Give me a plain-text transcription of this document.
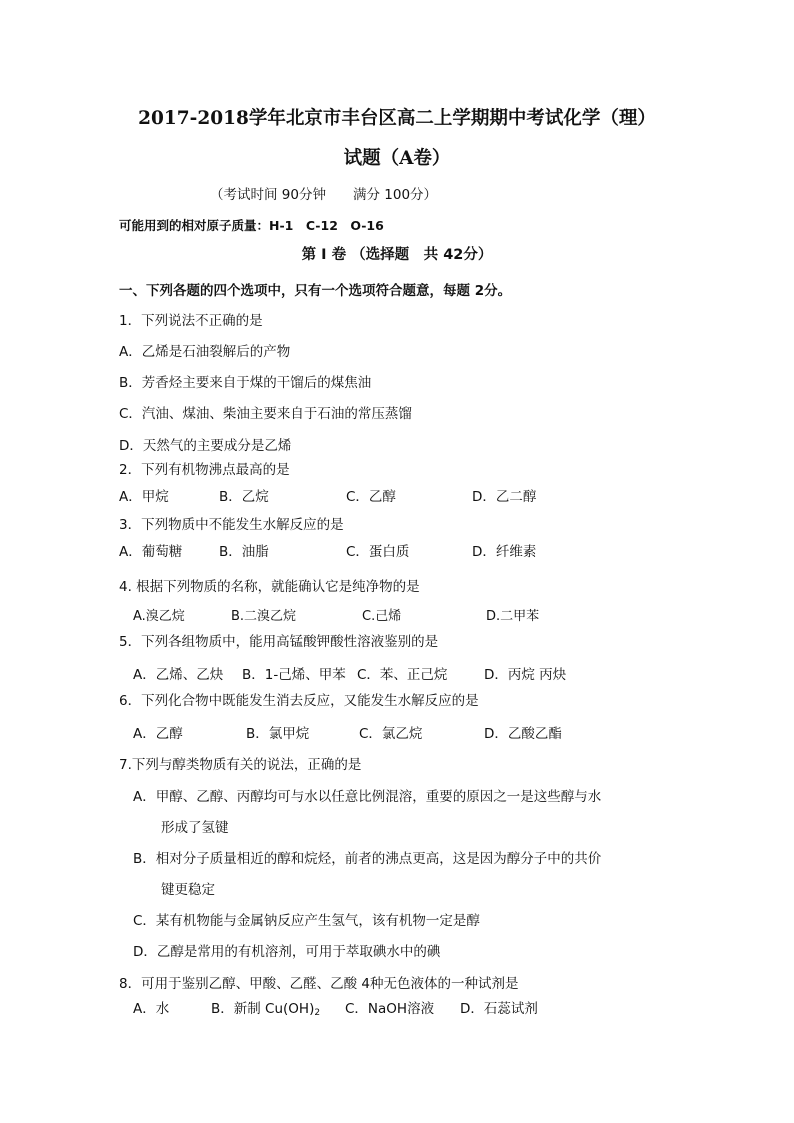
2017-2018学年北京市丰台区高二上学期期中考试化学（理）
试题（A卷）
（考试时间 90分钟　　满分 100分）
可能用到的相对原子质量：H-1　C-12　O-16
第 I 卷 （选择题　共 42分）
一、下列各题的四个选项中，只有一个选项符合题意，每题 2分。
1．下列说法不正确的是
A．乙烯是石油裂解后的产物
B．芳香烃主要来自于煤的干馏后的煤焦油
C．汽油、煤油、柴油主要来自于石油的常压蒸馏
D．天然气的主要成分是乙烯
2．下列有机物沸点最高的是
A．甲烷	B．乙烷	C．乙醇	D．乙二醇
3．下列物质中不能发生水解反应的是
A．葡萄糖	B．油脂	C．蛋白质	D．纤维素
4. 根据下列物质的名称，就能确认它是纯净物的是
A.溴乙烷	B.二溴乙烷	C.己烯	D.二甲苯
5．下列各组物质中，能用高锰酸钾酸性溶液鉴别的是
A．乙烯、乙炔 B．1-己烯、甲苯 C．苯、正己烷	D．丙烷 丙炔
6．下列化合物中既能发生消去反应，又能发生水解反应的是
A．乙醇	B．氯甲烷	C．氯乙烷	D．乙酸乙酯
7.下列与醇类物质有关的说法，正确的是
A．甲醇、乙醇、丙醇均可与水以任意比例混溶，重要的原因之一是这些醇与水
形成了氢键
B．相对分子质量相近的醇和烷烃，前者的沸点更高，这是因为醇分子中的共价
键更稳定
C．某有机物能与金属钠反应产生氢气，该有机物一定是醇
D．乙醇是常用的有机溶剂，可用于萃取碘水中的碘
8．可用于鉴别乙醇、甲酸、乙醛、乙酸 4种无色液体的一种试剂是
A．水	B．新制 $Cu(OH)_2$ C．NaOH溶液 D．石蕊试剂
